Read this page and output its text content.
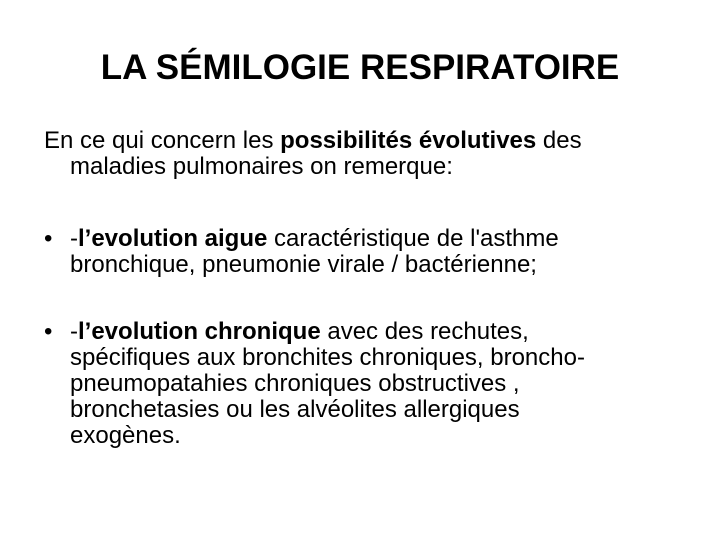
LA SÉMILOGIE RESPIRATOIRE
En ce qui concern les possibilités évolutives des
maladies pulmonaires on remerque:
• -l’evolution aigue caractéristique de l'asthme
bronchique, pneumonie virale / bactérienne;
• -l’evolution chronique avec des rechutes,
spécifiques aux bronchites chroniques, broncho-
pneumopatahies chroniques obstructives ,
bronchetasies ou les alvéolites allergiques
exogènes.
